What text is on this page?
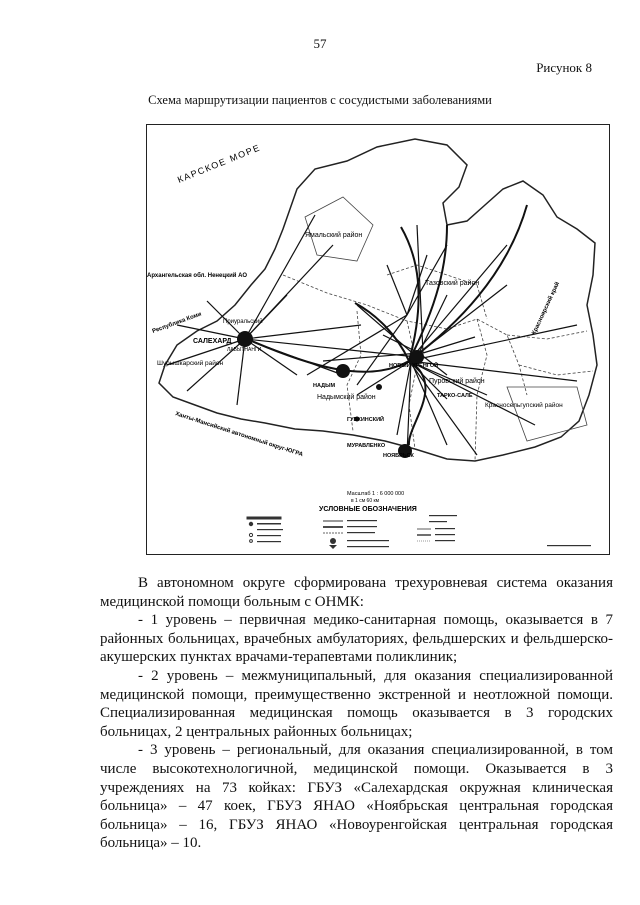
57
Рисунок 8
Схема маршрутизации пациентов с сосудистыми заболеваниями
КАРСКОЕ МОРЕ
Ямальский район
Тазовский район
Шурышкарский район
Приуральский
Пуровский район
Надымский район
Красносельгупский район
САЛЕХАРД
ЛАБЫТНАНГИ
НАДЫМ
НОВЫЙ УРЕНГОЙ
ТАРКО-САЛЕ
ГУБКИНСКИЙ
МУРАВЛЕНКО
НОЯБРЬСК
Архангельская обл. Ненецкий АО
Республика Коми
Ханты-Мансийский автономный округ-ЮГРА
Красноярский край
Масштаб 1 : 6 000 000
в 1 см 60 км
УСЛОВНЫЕ ОБОЗНАЧЕНИЯ

В автономном округе сформирована трехуровневая система оказания медицинской помощи больным с ОНМК:

- 1 уровень – первичная медико-санитарная помощь, оказывается в 7 районных больницах, врачебных амбулаториях, фельдшерских и фельдшерско-акушерских пунктах врачами-терапевтами поликлиник;

- 2 уровень – межмуниципальный, для оказания специализированной медицинской помощи, преимущественно экстренной и неотложной помощи. Специализированная медицинская помощь оказывается в 3 городских больницах, 2 центральных районных больницах;

- 3 уровень – региональный, для оказания специализированной, в том числе высокотехнологичной, медицинской помощи. Оказывается в 3 учреждениях на 73 койках: ГБУЗ «Салехардская окружная клиническая больница» – 47 коек, ГБУЗ ЯНАО «Ноябрьская центральная городская больница» – 16, ГБУЗ ЯНАО «Новоуренгойская центральная городская больница» – 10.
